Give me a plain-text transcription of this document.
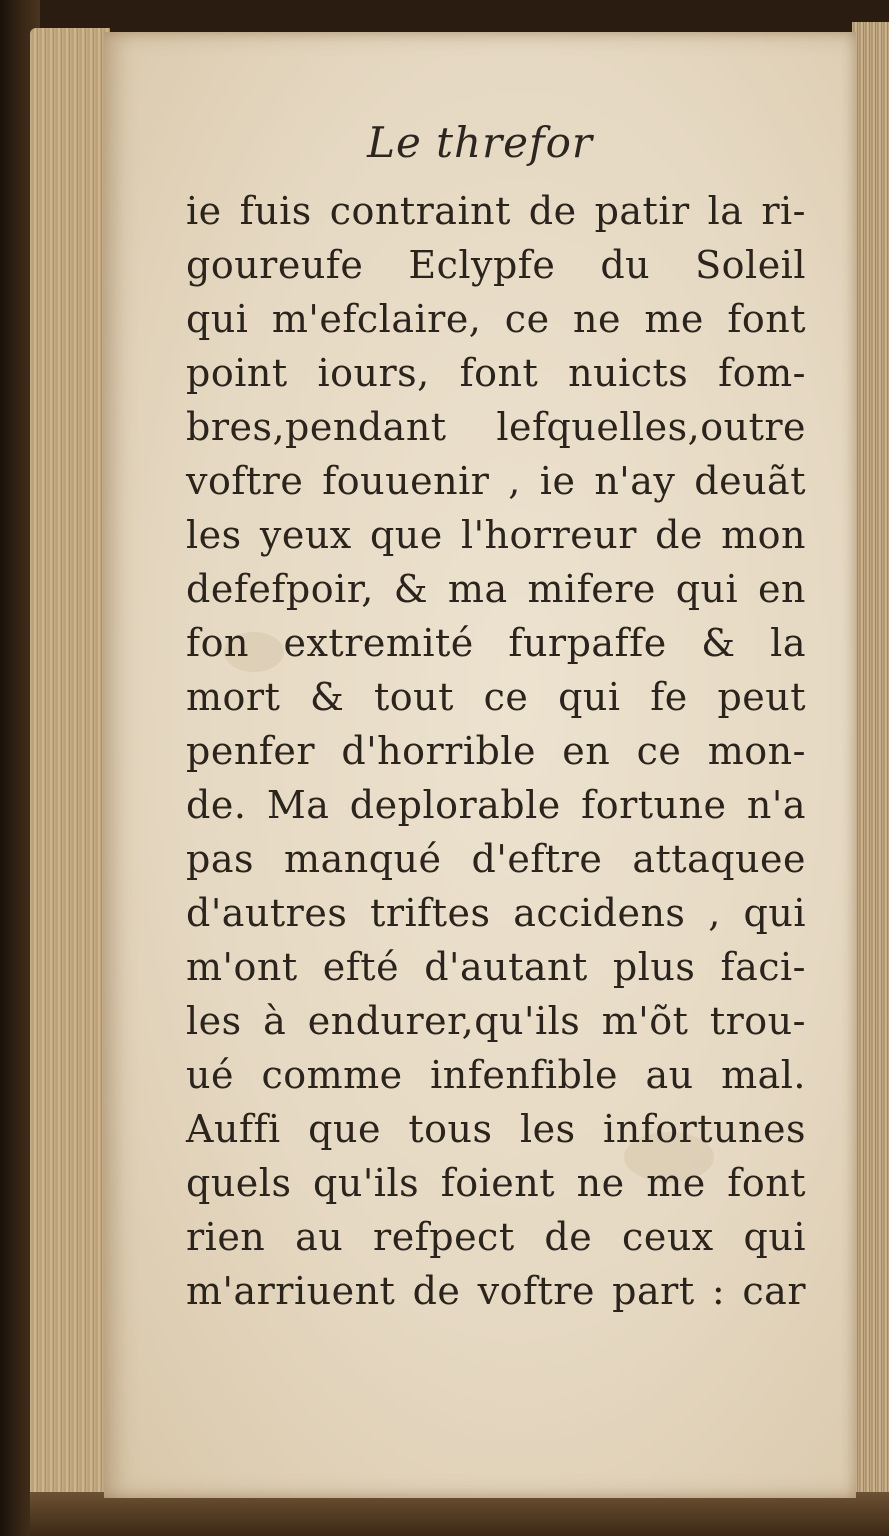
Le threfor
ie fuis contraint de patir la ri-
goureufe Eclypfe du Soleil
qui m'efclaire, ce ne me font
point iours, font nuicts fom-
bres,pendant lefquelles,outre
voftre fouuenir , ie n'ay deuãt
les yeux que l'horreur de mon
defefpoir, & ma mifere qui en
fon extremité furpaffe & la
mort & tout ce qui fe peut
penfer d'horrible en ce mon-
de. Ma deplorable fortune n'a
pas manqué d'eftre attaquee
d'autres triftes accidens , qui
m'ont efté d'autant plus faci-
les à endurer,qu'ils m'õt trou-
ué comme infenfible au mal.
Auffi que tous les infortunes
quels qu'ils foient ne me font
rien au refpect de ceux qui
m'arriuent de voftre part : car
